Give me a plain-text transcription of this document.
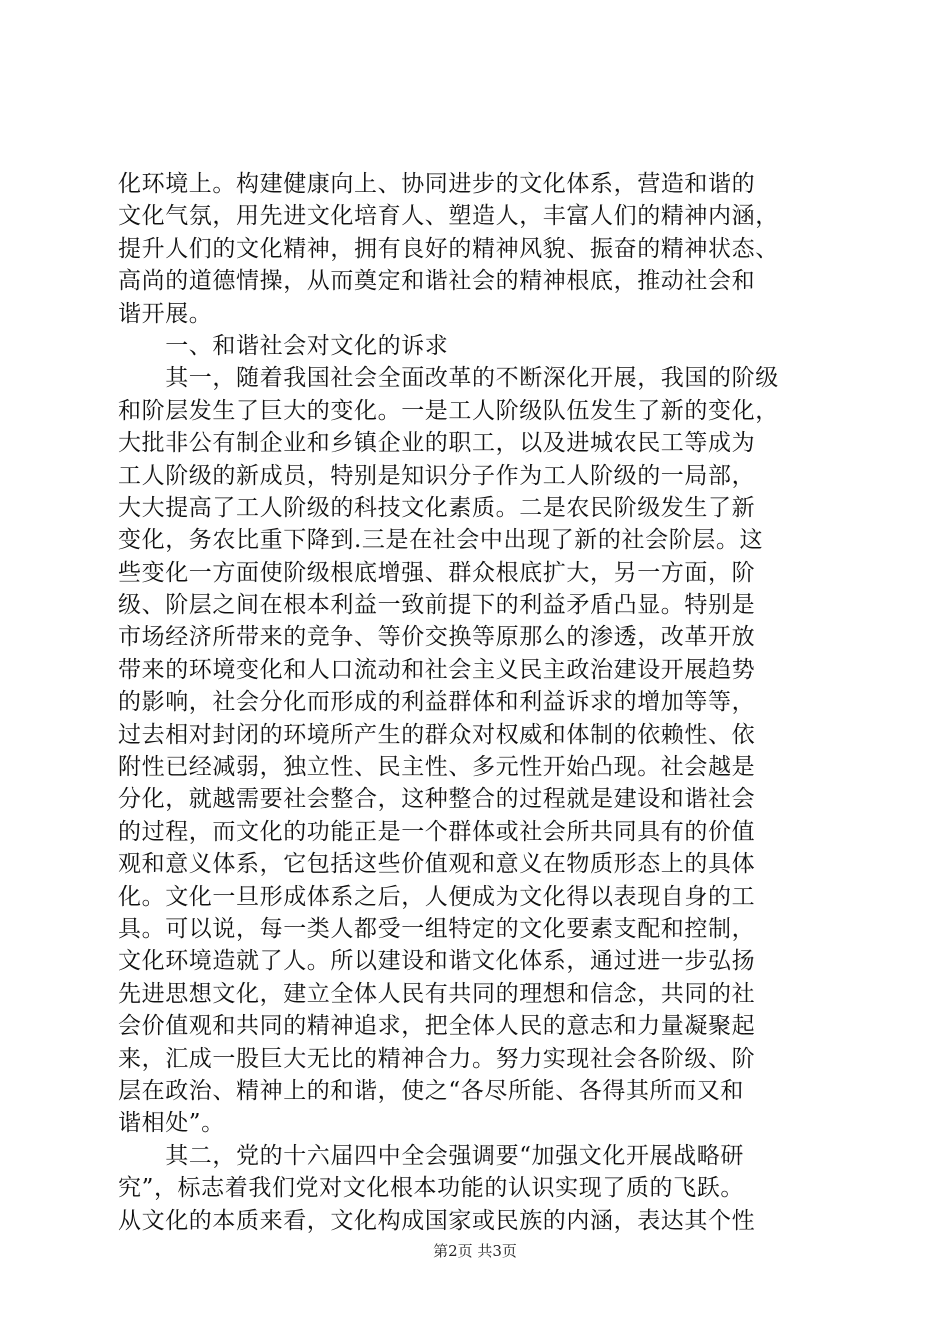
化环境上。构建健康向上、协同进步的文化体系，营造和谐的
文化气氛，用先进文化培育人、塑造人，丰富人们的精神内涵，
提升人们的文化精神，拥有良好的精神风貌、振奋的精神状态、
高尚的道德情操，从而奠定和谐社会的精神根底，推动社会和
谐开展。
　　一、和谐社会对文化的诉求
　　其一，随着我国社会全面改革的不断深化开展，我国的阶级
和阶层发生了巨大的变化。一是工人阶级队伍发生了新的变化，
大批非公有制企业和乡镇企业的职工，以及进城农民工等成为
工人阶级的新成员，特别是知识分子作为工人阶级的一局部，
大大提高了工人阶级的科技文化素质。二是农民阶级发生了新
变化，务农比重下降到.三是在社会中出现了新的社会阶层。这
些变化一方面使阶级根底增强、群众根底扩大，另一方面，阶
级、阶层之间在根本利益一致前提下的利益矛盾凸显。特别是
市场经济所带来的竞争、等价交换等原那么的渗透，改革开放
带来的环境变化和人口流动和社会主义民主政治建设开展趋势
的影响，社会分化而形成的利益群体和利益诉求的增加等等，
过去相对封闭的环境所产生的群众对权威和体制的依赖性、依
附性已经减弱，独立性、民主性、多元性开始凸现。社会越是
分化，就越需要社会整合，这种整合的过程就是建设和谐社会
的过程，而文化的功能正是一个群体或社会所共同具有的价值
观和意义体系，它包括这些价值观和意义在物质形态上的具体
化。文化一旦形成体系之后，人便成为文化得以表现自身的工
具。可以说，每一类人都受一组特定的文化要素支配和控制，
文化环境造就了人。所以建设和谐文化体系，通过进一步弘扬
先进思想文化，建立全体人民有共同的理想和信念，共同的社
会价值观和共同的精神追求，把全体人民的意志和力量凝聚起
来，汇成一股巨大无比的精神合力。努力实现社会各阶级、阶
层在政治、精神上的和谐，使之“各尽所能、各得其所而又和
谐相处”。
　　其二，党的十六届四中全会强调要“加强文化开展战略研
究”，标志着我们党对文化根本功能的认识实现了质的飞跃。
从文化的本质来看，文化构成国家或民族的内涵，表达其个性
第2页 共3页
